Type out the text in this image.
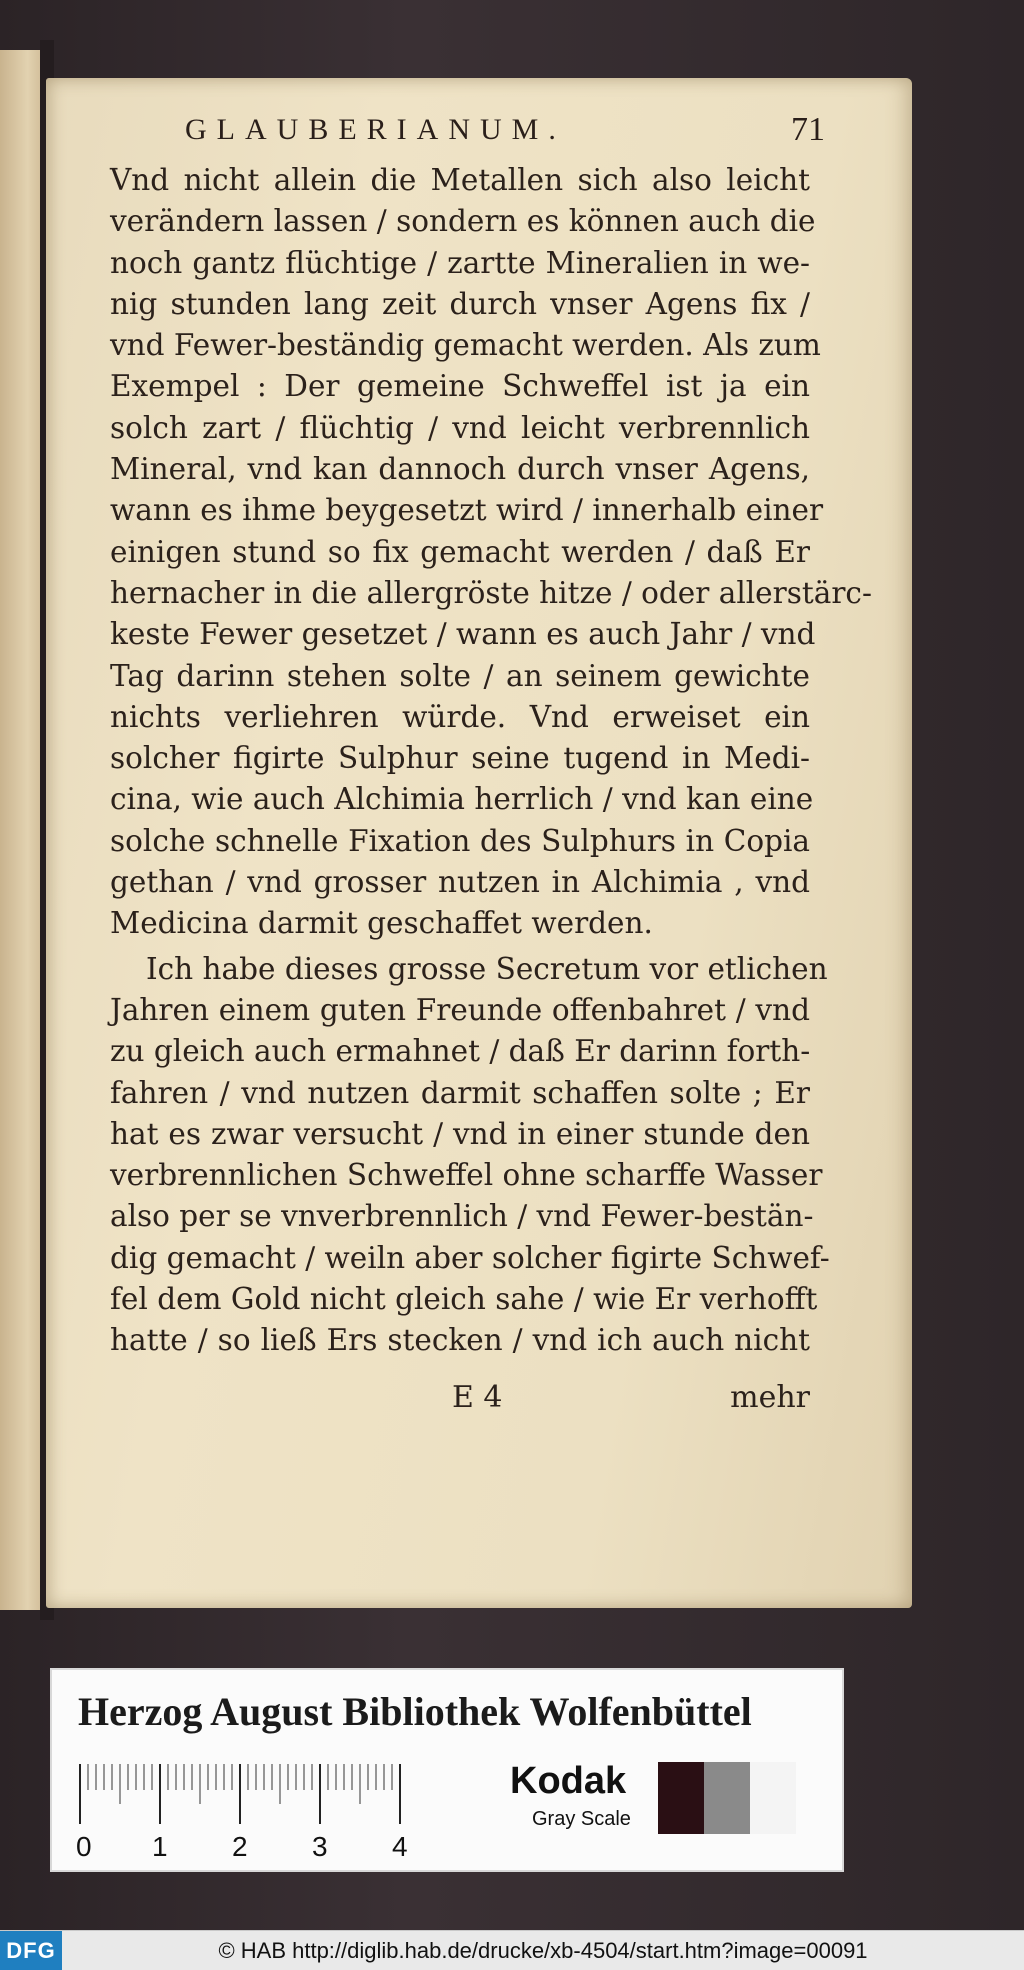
GLAUBERIANUM.	71
Vnd nicht allein die Metallen sich also leicht
verändern lassen / sondern es können auch die
noch gantz flüchtige / zartte Mineralien in we-
nig stunden lang zeit durch vnser Agens fix /
vnd Fewer-beständig gemacht werden. Als zum
Exempel : Der gemeine Schweffel ist ja ein
solch zart / flüchtig / vnd leicht verbrennlich
Mineral, vnd kan dannoch durch vnser Agens,
wann es ihme beygesetzt wird / innerhalb einer
einigen stund so fix gemacht werden / daß Er
hernacher in die allergröste hitze / oder allerstärc-
keste Fewer gesetzet / wann es auch Jahr / vnd
Tag darinn stehen solte / an seinem gewichte
nichts verliehren würde. Vnd erweiset ein
solcher figirte Sulphur seine tugend in Medi-
cina, wie auch Alchimia herrlich / vnd kan eine
solche schnelle Fixation des Sulphurs in Copia
gethan / vnd grosser nutzen in Alchimia , vnd
Medicina darmit geschaffet werden.
Ich habe dieses grosse Secretum vor etlichen
Jahren einem guten Freunde offenbahret / vnd
zu gleich auch ermahnet / daß Er darinn forth-
fahren / vnd nutzen darmit schaffen solte ; Er
hat es zwar versucht / vnd in einer stunde den
verbrennlichen Schweffel ohne scharffe Wasser
also per se vnverbrennlich / vnd Fewer-bestän-
dig gemacht / weiln aber solcher figirte Schwef-
fel dem Gold nicht gleich sahe / wie Er verhofft
hatte / so ließ Ers stecken / vnd ich auch nicht
E 4	mehr
Herzog August Bibliothek Wolfenbüttel
0 1 2 3 4
Kodak
Gray Scale
DFG	© HAB http://diglib.hab.de/drucke/xb-4504/start.htm?image=00091
